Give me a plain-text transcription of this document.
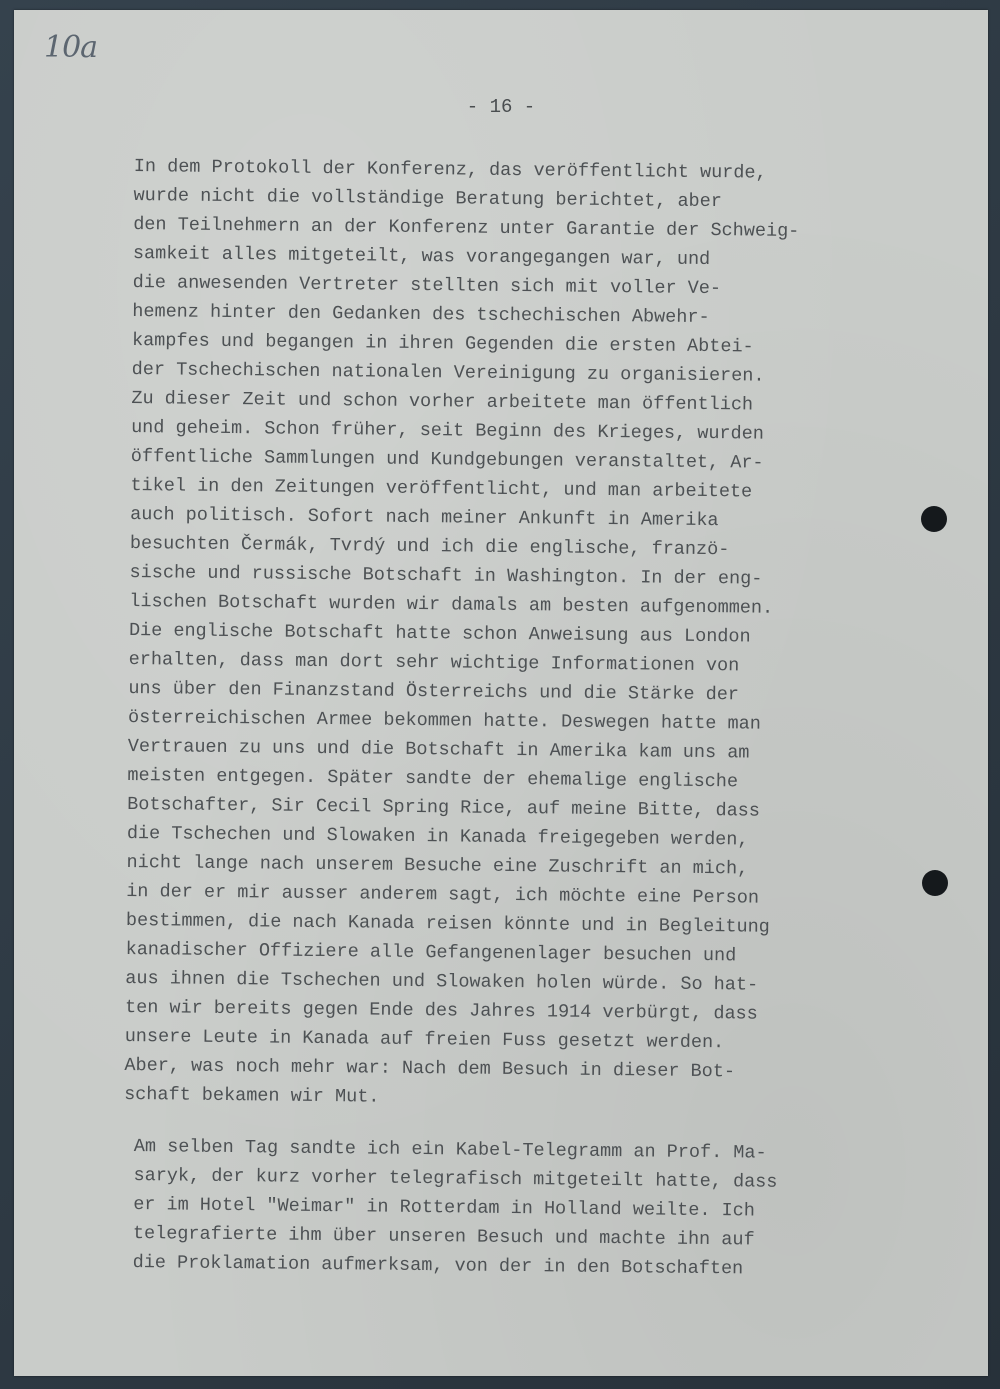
10a
- 16 -
In dem Protokoll der Konferenz, das veröffentlicht wurde,
wurde nicht die vollständige Beratung berichtet, aber
den Teilnehmern an der Konferenz unter Garantie der Schweig-
samkeit alles mitgeteilt, was vorangegangen war, und
die anwesenden Vertreter stellten sich mit voller Ve-
hemenz hinter den Gedanken des tschechischen Abwehr-
kampfes und begangen in ihren Gegenden die ersten Abtei-
der Tschechischen nationalen Vereinigung zu organisieren.
Zu dieser Zeit und schon vorher arbeitete man öffentlich
und geheim. Schon früher, seit Beginn des Krieges, wurden
öffentliche Sammlungen und Kundgebungen veranstaltet, Ar-
tikel in den Zeitungen veröffentlicht, und man arbeitete
auch politisch. Sofort nach meiner Ankunft in Amerika
besuchten Čermák, Tvrdý und ich die englische, franzö-
sische und russische Botschaft in Washington. In der eng-
lischen Botschaft wurden wir damals am besten aufgenommen.
Die englische Botschaft hatte schon Anweisung aus London
erhalten, dass man dort sehr wichtige Informationen von
uns über den Finanzstand Österreichs und die Stärke der
österreichischen Armee bekommen hatte. Deswegen hatte man
Vertrauen zu uns und die Botschaft in Amerika kam uns am
meisten entgegen. Später sandte der ehemalige englische
Botschafter, Sir Cecil Spring Rice, auf meine Bitte, dass
die Tschechen und Slowaken in Kanada freigegeben werden,
nicht lange nach unserem Besuche eine Zuschrift an mich,
in der er mir ausser anderem sagt, ich möchte eine Person
bestimmen, die nach Kanada reisen könnte und in Begleitung
kanadischer Offiziere alle Gefangenenlager besuchen und
aus ihnen die Tschechen und Slowaken holen würde. So hat-
ten wir bereits gegen Ende des Jahres 1914 verbürgt, dass
unsere Leute in Kanada auf freien Fuss gesetzt werden.
Aber, was noch mehr war: Nach dem Besuch in dieser Bot-
schaft bekamen wir Mut.
Am selben Tag sandte ich ein Kabel-Telegramm an Prof. Ma-
saryk, der kurz vorher telegrafisch mitgeteilt hatte, dass
er im Hotel "Weimar" in Rotterdam in Holland weilte. Ich
telegrafierte ihm über unseren Besuch und machte ihn auf
die Proklamation aufmerksam, von der in den Botschaften
